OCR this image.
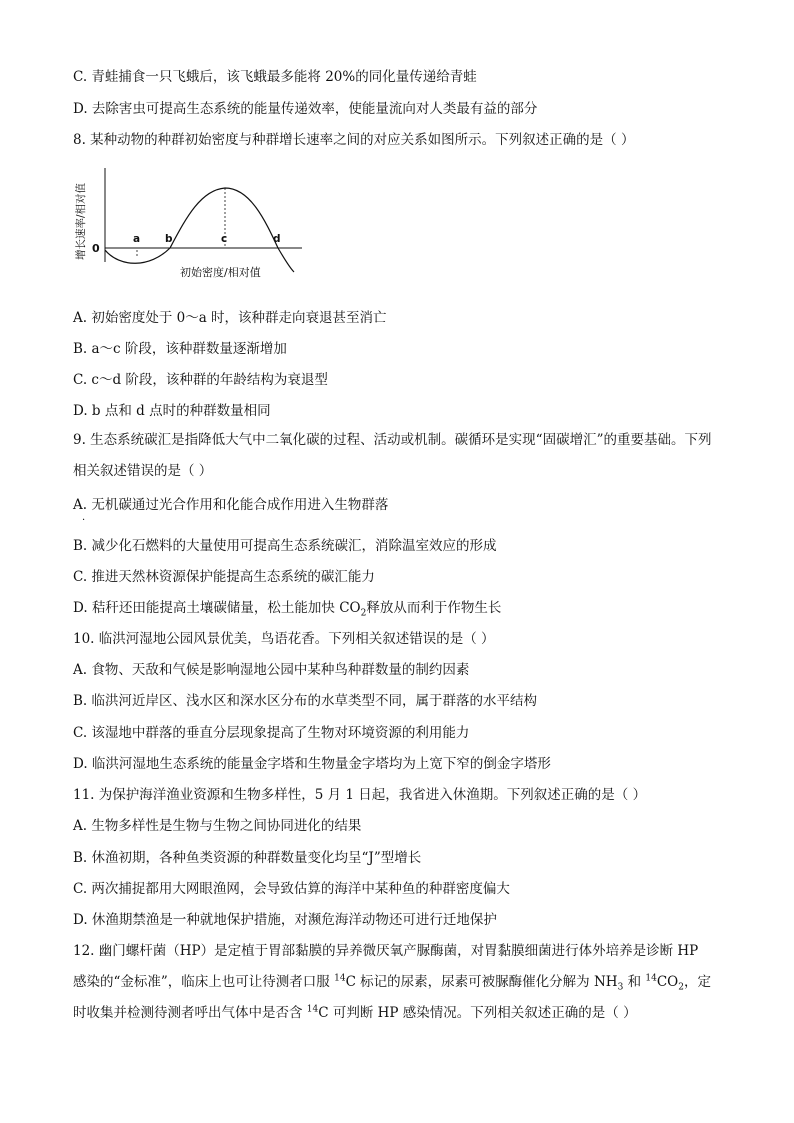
C. 青蛙捕食一只飞蛾后，该飞蛾最多能将 20%的同化量传递给青蛙
D. 去除害虫可提高生态系统的能量传递效率，使能量流向对人类最有益的部分
8. 某种动物的种群初始密度与种群增长速率之间的对应关系如图所示。下列叙述正确的是（ ）
增长速率/相对值 0
a b	c	d
初始密度/相对值
A. 初始密度处于 0～a 时，该种群走向衰退甚至消亡
B. a～c 阶段，该种群数量逐渐增加
C. c～d 阶段，该种群的年龄结构为衰退型
D. b 点和 d 点时的种群数量相同
9. 生态系统碳汇是指降低大气中二氧化碳的过程、活动或机制。碳循环是实现“固碳增汇”的重要基础。下列相关叙述错误的是（ ）
A. 无机碳通过光合作用和化能合成作用进入生物群落
·
B. 减少化石燃料的大量使用可提高生态系统碳汇，消除温室效应的形成
C. 推进天然林资源保护能提高生态系统的碳汇能力
D. 秸秆还田能提高土壤碳储量，松土能加快 $CO_2$释放从而利于作物生长
10. 临洪河湿地公园风景优美，鸟语花香。下列相关叙述错误的是（ ）
A. 食物、天敌和气候是影响湿地公园中某种鸟种群数量的制约因素
B. 临洪河近岸区、浅水区和深水区分布的水草类型不同，属于群落的水平结构
C. 该湿地中群落的垂直分层现象提高了生物对环境资源的利用能力
D. 临洪河湿地生态系统的能量金字塔和生物量金字塔均为上宽下窄的倒金字塔形
11. 为保护海洋渔业资源和生物多样性，5 月 1 日起，我省进入休渔期。下列叙述正确的是（ ）
A. 生物多样性是生物与生物之间协同进化的结果
B. 休渔初期，各种鱼类资源的种群数量变化均呈“J”型增长
C. 两次捕捉都用大网眼渔网，会导致估算的海洋中某种鱼的种群密度偏大
D. 休渔期禁渔是一种就地保护措施，对濒危海洋动物还可进行迁地保护
12. 幽门螺杆菌（HP）是定植于胃部黏膜的异养微厌氧产脲酶菌，对胃黏膜细菌进行体外培养是诊断 HP
感染的“金标准”，临床上也可让待测者口服 $^{14}$C 标记的尿素，尿素可被脲酶催化分解为 $NH_3$ 和 $^{14}CO_2$，定
时收集并检测待测者呼出气体中是否含 $^{14}$C 可判断 HP 感染情况。下列相关叙述正确的是（ ）
